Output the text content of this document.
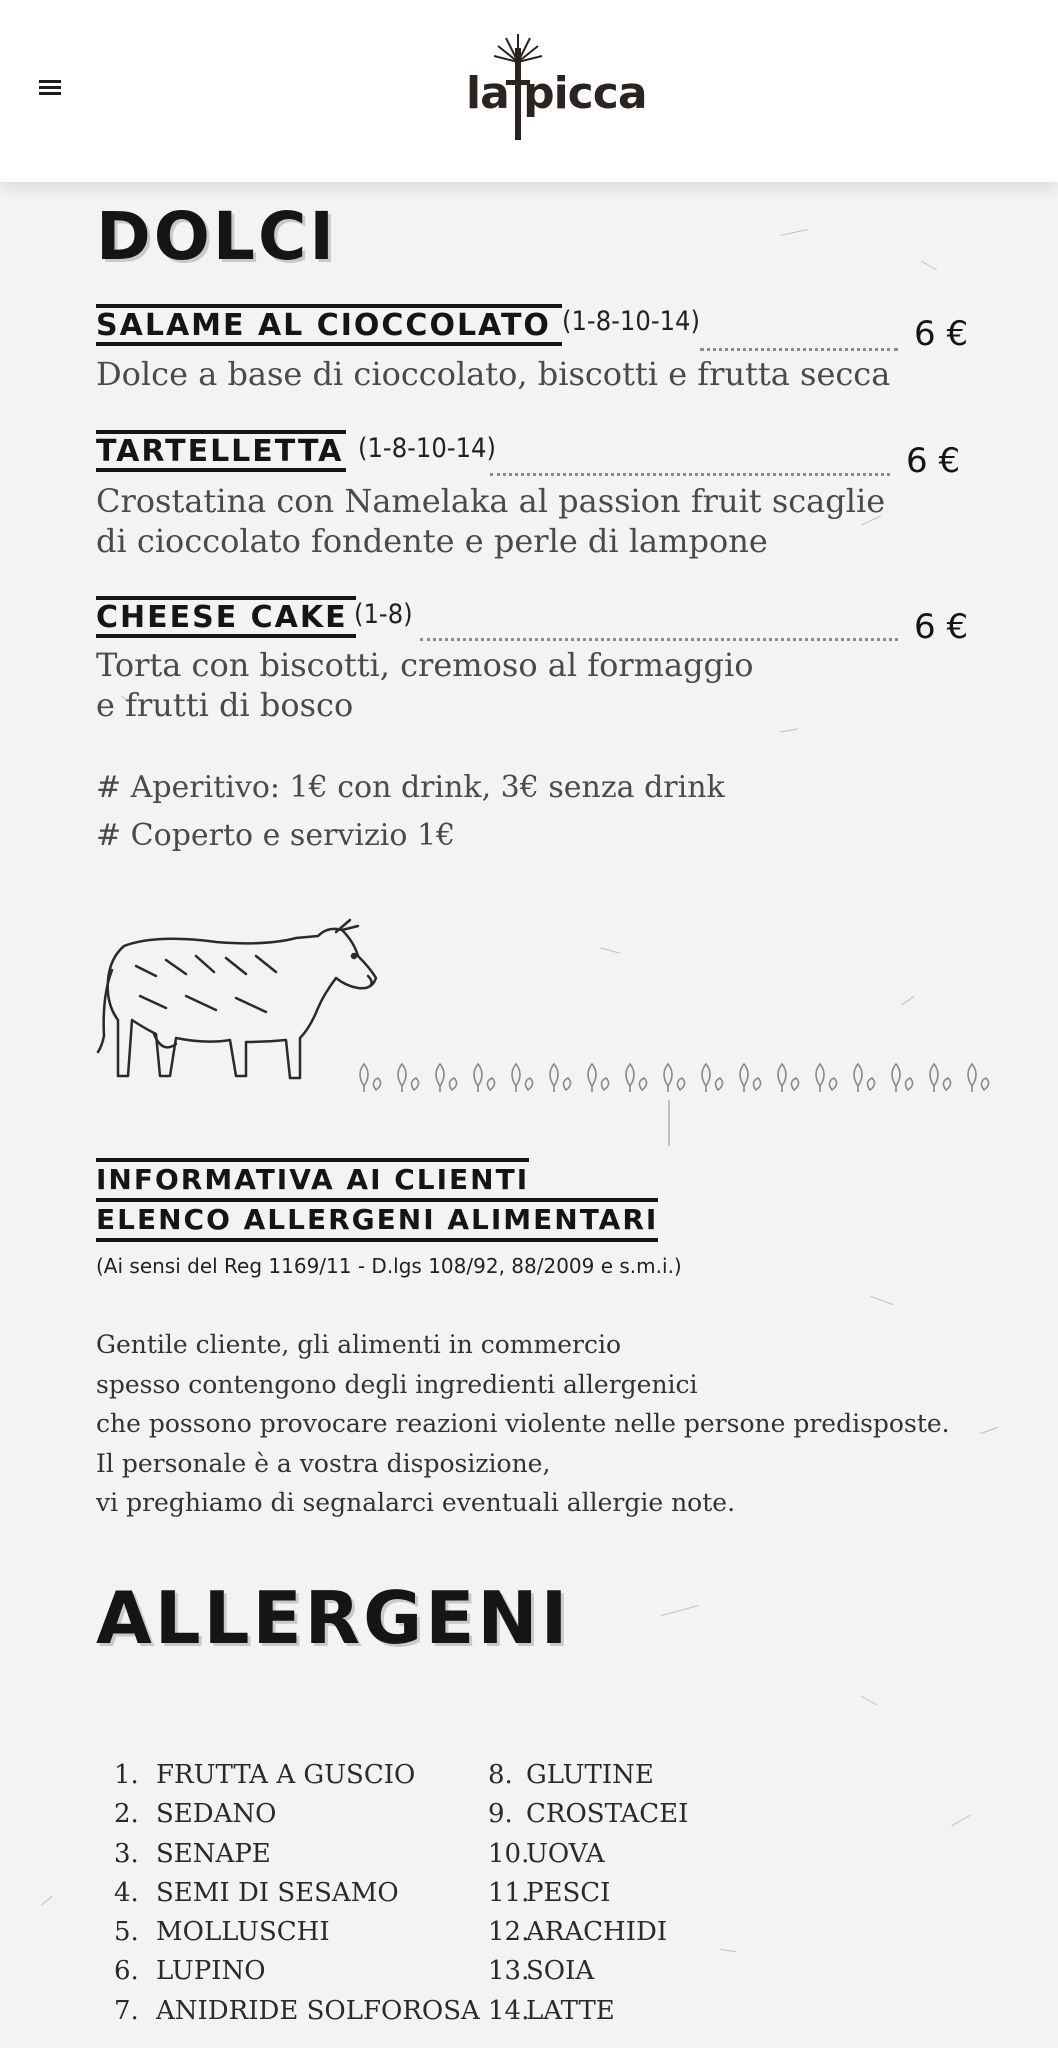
la picca
DOLCI
SALAME AL CIOCCOLATO (1-8-10-14)	6 €
Dolce a base di cioccolato, biscotti e frutta secca
TARTELLETTA (1-8-10-14)	6 €
Crostatina con Namelaka al passion fruit scaglie
di cioccolato fondente e perle di lampone
CHEESE CAKE (1-8)	6 €
Torta con biscotti, cremoso al formaggio
e frutti di bosco
# Aperitivo: 1€ con drink, 3€ senza drink
# Coperto e servizio 1€
INFORMATIVA AI CLIENTI
ELENCO ALLERGENI ALIMENTARI
(Ai sensi del Reg 1169/11 - D.lgs 108/92, 88/2009 e s.m.i.)
Gentile cliente, gli alimenti in commercio
spesso contengono degli ingredienti allergenici
che possono provocare reazioni violente nelle persone predisposte.
Il personale è a vostra disposizione,
vi preghiamo di segnalarci eventuali allergie note.
ALLERGENI
1. FRUTTA A GUSCIO
2. SEDANO
3. SENAPE
4. SEMI DI SESAMO
5. MOLLUSCHI
6. LUPINO
7. ANIDRIDE SOLFOROSA
8. GLUTINE
9. CROSTACEI
10.UOVA
11.PESCI
12.ARACHIDI
13.SOIA
14.LATTE
